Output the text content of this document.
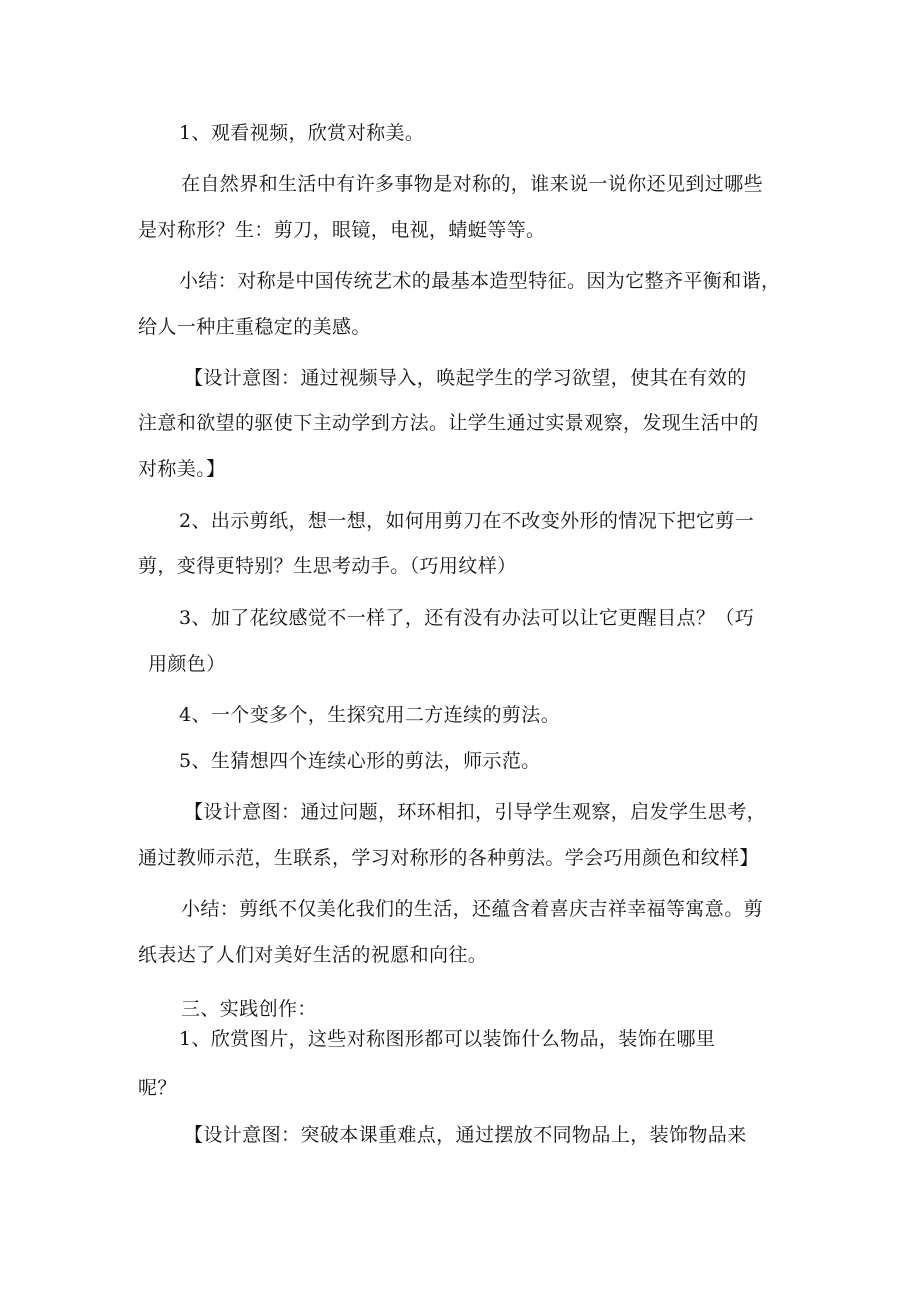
1、观看视频，欣赏对称美。
在自然界和生活中有许多事物是对称的，谁来说一说你还见到过哪些
是对称形？生：剪刀，眼镜，电视，蜻蜓等等。
小结：对称是中国传统艺术的最基本造型特征。因为它整齐平衡和谐，
给人一种庄重稳定的美感。
【设计意图：通过视频导入，唤起学生的学习欲望，使其在有效的
注意和欲望的驱使下主动学到方法。让学生通过实景观察，发现生活中的
对称美。】
2、出示剪纸，想一想，如何用剪刀在不改变外形的情况下把它剪一
剪，变得更特别？生思考动手。（巧用纹样）
3、加了花纹感觉不一样了，还有没有办法可以让它更醒目点？（巧
用颜色）
4、一个变多个，生探究用二方连续的剪法。
5、生猜想四个连续心形的剪法，师示范。
【设计意图：通过问题，环环相扣，引导学生观察，启发学生思考，
通过教师示范，生联系，学习对称形的各种剪法。学会巧用颜色和纹样】
小结：剪纸不仅美化我们的生活，还蕴含着喜庆吉祥幸福等寓意。剪
纸表达了人们对美好生活的祝愿和向往。
三、实践创作：
1、欣赏图片，这些对称图形都可以装饰什么物品，装饰在哪里
呢？
【设计意图：突破本课重难点，通过摆放不同物品上，装饰物品来
